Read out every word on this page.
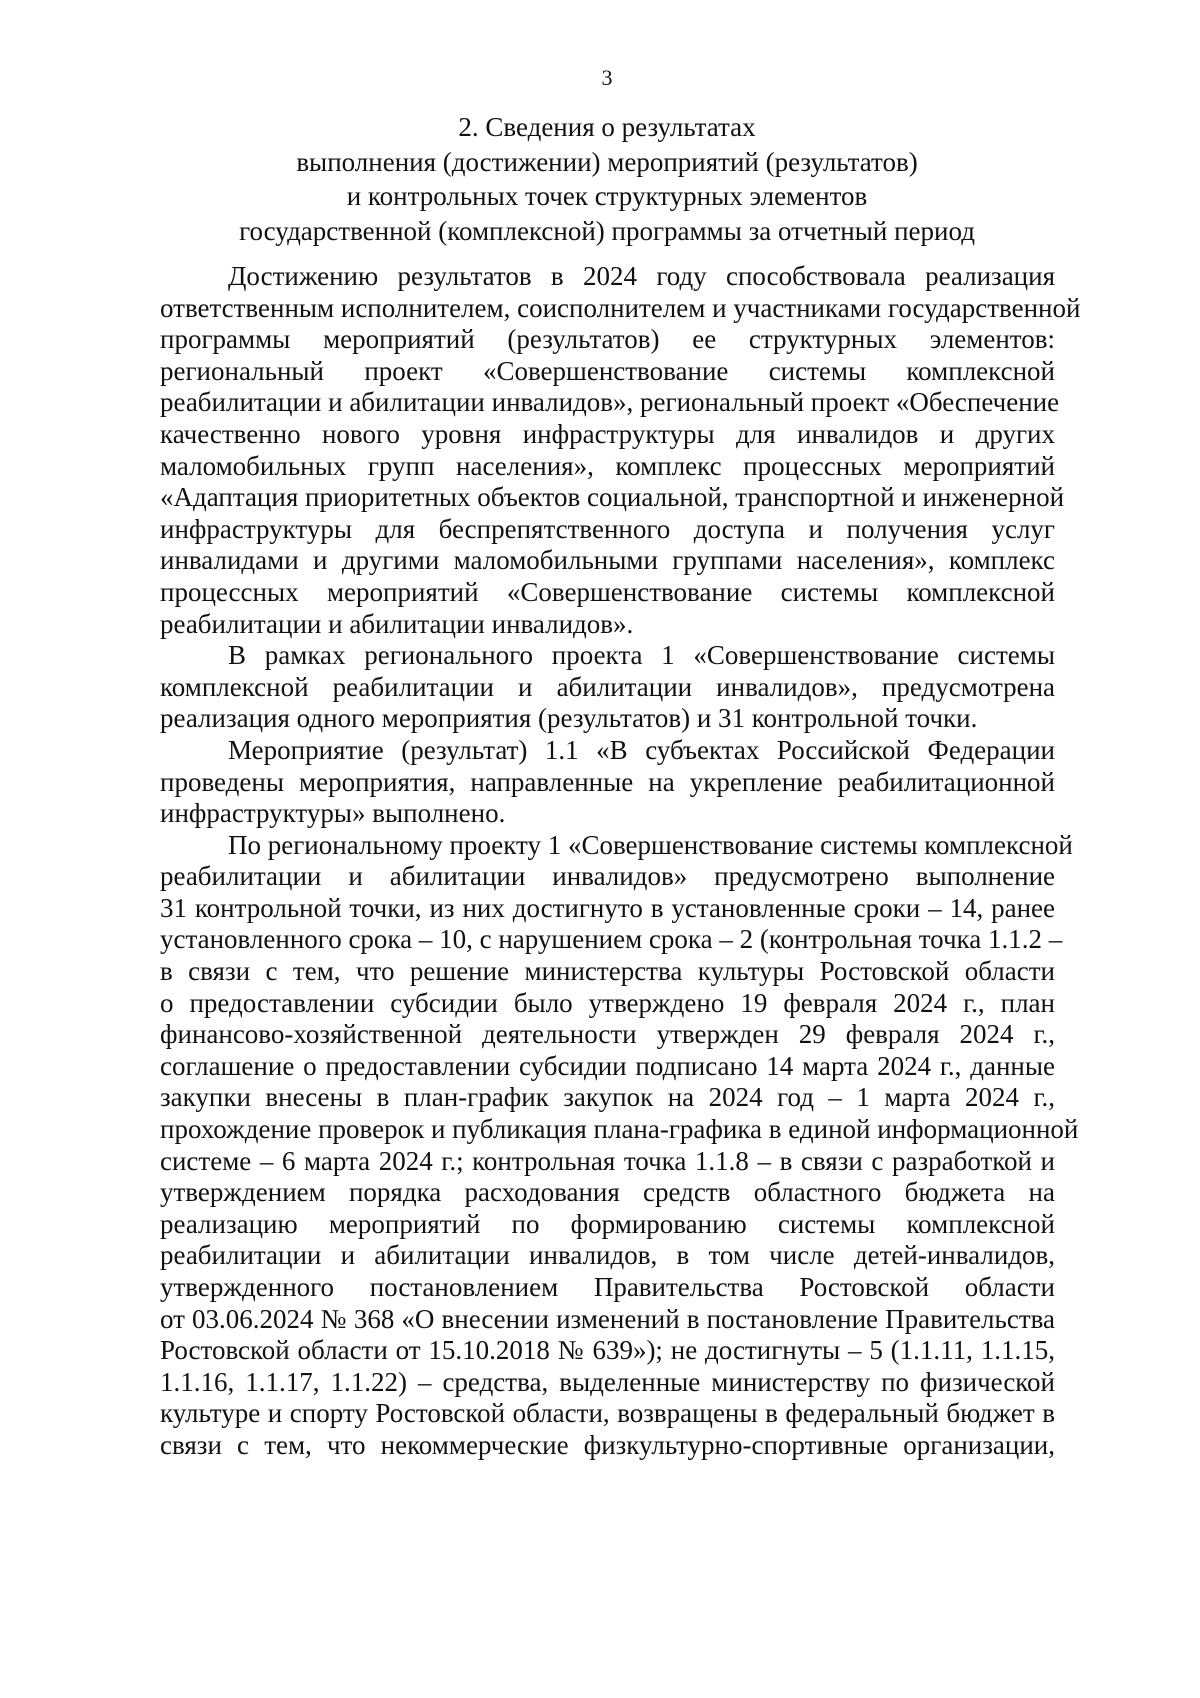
3
2. Сведения о результатах
выполнения (достижении) мероприятий (результатов)
и контрольных точек структурных элементов
государственной (комплексной) программы за отчетный период
Достижению результатов в 2024 году способствовала реализация
ответственным исполнителем, соисполнителем и участниками государственной
программы мероприятий (результатов) ее структурных элементов:
региональный проект «Совершенствование системы комплексной
реабилитации и абилитации инвалидов», региональный проект «Обеспечение
качественно нового уровня инфраструктуры для инвалидов и других
маломобильных групп населения», комплекс процессных мероприятий
«Адаптация приоритетных объектов социальной, транспортной и инженерной
инфраструктуры для беспрепятственного доступа и получения услуг
инвалидами и другими маломобильными группами населения», комплекс
процессных мероприятий «Совершенствование системы комплексной
реабилитации и абилитации инвалидов».
В рамках регионального проекта 1 «Совершенствование системы
комплексной реабилитации и абилитации инвалидов», предусмотрена
реализация одного мероприятия (результатов) и 31 контрольной точки.
Мероприятие (результат) 1.1 «В субъектах Российской Федерации
проведены мероприятия, направленные на укрепление реабилитационной
инфраструктуры» выполнено.
По региональному проекту 1 «Совершенствование системы комплексной
реабилитации и абилитации инвалидов» предусмотрено выполнение
31 контрольной точки, из них достигнуто в установленные сроки – 14, ранее
установленного срока – 10, с нарушением срока – 2 (контрольная точка 1.1.2 –
в связи с тем, что решение министерства культуры Ростовской области
о предоставлении субсидии было утверждено 19 февраля 2024 г., план
финансово-хозяйственной деятельности утвержден 29 февраля 2024 г.,
соглашение о предоставлении субсидии подписано 14 марта 2024 г., данные
закупки внесены в план-график закупок на 2024 год – 1 марта 2024 г.,
прохождение проверок и публикация плана-графика в единой информационной
системе – 6 марта 2024 г.; контрольная точка 1.1.8 – в связи с разработкой и
утверждением порядка расходования средств областного бюджета на
реализацию мероприятий по формированию системы комплексной
реабилитации и абилитации инвалидов, в том числе детей-инвалидов,
утвержденного постановлением Правительства Ростовской области
от 03.06.2024 № 368 «О внесении изменений в постановление Правительства
Ростовской области от 15.10.2018 № 639»); не достигнуты – 5 (1.1.11, 1.1.15,
1.1.16, 1.1.17, 1.1.22) – средства, выделенные министерству по физической
культуре и спорту Ростовской области, возвращены в федеральный бюджет в
связи с тем, что некоммерческие физкультурно-спортивные организации,
